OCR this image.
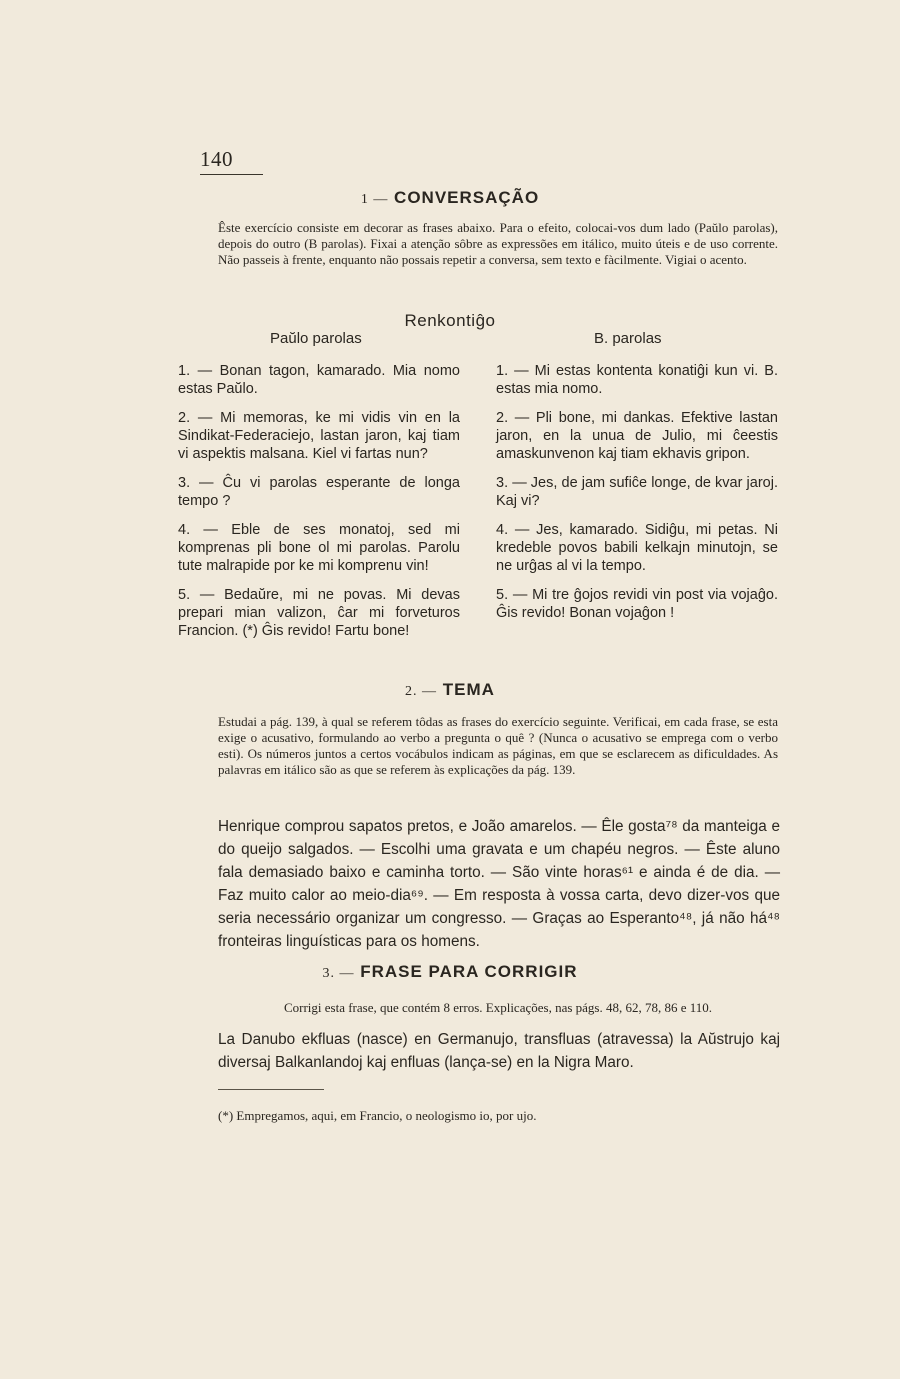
140
1 — CONVERSAÇÃO
Êste exercício consiste em decorar as frases abaixo. Para o efeito, colocai-vos dum lado (Paŭlo parolas), depois do outro (B parolas). Fixai a atenção sôbre as expressões em itálico, muito úteis e de uso corrente. Não passeis à frente, enquanto não possais repetir a conversa, sem texto e fàcilmente. Vigiai o acento.
Renkontiĝo
Paŭlo parolas	B. parolas
1. — Bonan tagon, kamarado. Mia nomo estas Paŭlo.
2. — Mi memoras, ke mi vidis vin en la Sindikat-Federaciejo, lastan jaron, kaj tiam vi aspektis malsana. Kiel vi fartas nun?
3. — Ĉu vi parolas esperante de longa tempo ?
4. — Eble de ses monatoj, sed mi komprenas pli bone ol mi parolas. Parolu tute malrapide por ke mi komprenu vin!
5. — Bedaŭre, mi ne povas. Mi devas prepari mian valizon, ĉar mi forveturos Francion. (*) Ĝis revido! Fartu bone!
1. — Mi estas kontenta konatiĝi kun vi. B. estas mia nomo.
2. — Pli bone, mi dankas. Efektive lastan jaron, en la unua de Julio, mi ĉeestis amaskunvenon kaj tiam ekhavis gripon.
3. — Jes, de jam sufiĉe longe, de kvar jaroj. Kaj vi?
4. — Jes, kamarado. Sidiĝu, mi petas. Ni kredeble povos babili kelkajn minutojn, se ne urĝas al vi la tempo.
5. — Mi tre ĝojos revidi vin post via vojaĝo. Ĝis revido! Bonan vojaĝon !
2. — TEMA
Estudai a pág. 139, à qual se referem tôdas as frases do exercício seguinte. Verificai, em cada frase, se esta exige o acusativo, formulando ao verbo a pregunta o quê ? (Nunca o acusativo se emprega com o verbo esti). Os números juntos a certos vocábulos indicam as páginas, em que se esclarecem as dificuldades. As palavras em itálico são as que se referem às explicações da pág. 139.
Henrique comprou sapatos pretos, e João amarelos. — Êle gosta⁷⁸ da manteiga e do queijo salgados. — Escolhi uma gravata e um chapéu negros. — Êste aluno fala demasiado baixo e caminha torto. — São vinte horas⁶¹ e ainda é de dia. — Faz muito calor ao meio-dia⁶⁹. — Em resposta à vossa carta, devo dizer-vos que seria necessário organizar um congresso. — Graças ao Esperanto⁴⁸, já não há⁴⁸ fronteiras linguísticas para os homens.
3. — FRASE PARA CORRIGIR
Corrigi esta frase, que contém 8 erros. Explicações, nas págs. 48, 62, 78, 86 e 110.
La Danubo ekfluas (nasce) en Germanujo, transfluas (atravessa) la Aŭstrujo kaj diversaj Balkanlandoj kaj enfluas (lança-se) en la Nigra Maro.
(*) Empregamos, aqui, em Francio, o neologismo io, por ujo.
